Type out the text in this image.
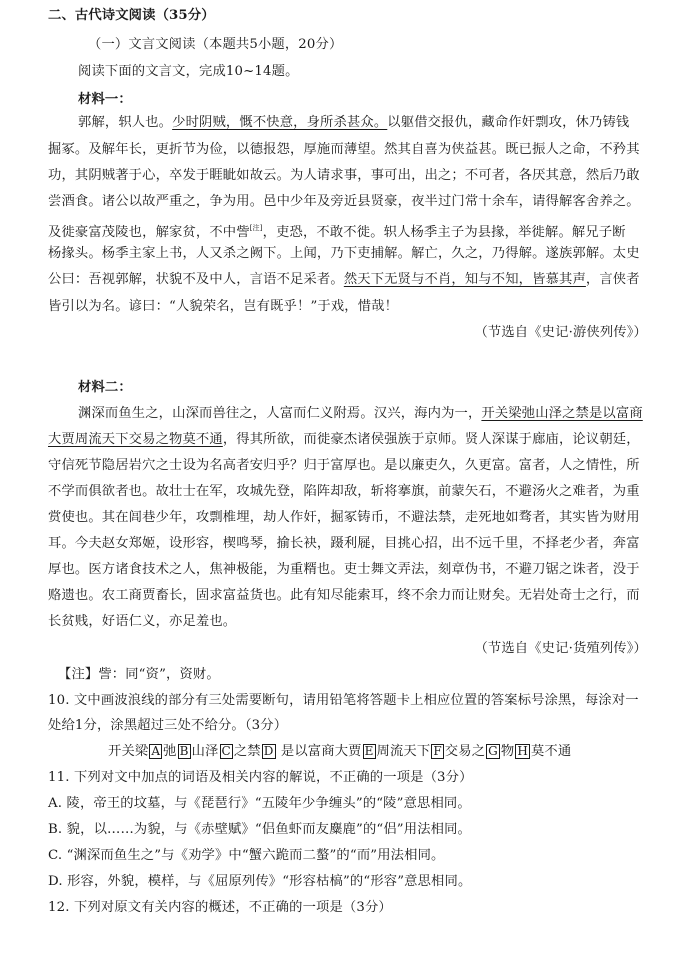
二、古代诗文阅读（35分）
（一）文言文阅读（本题共5小题，20分）
阅读下面的文言文，完成10~14题。
材料一：
郭解，轵人也。少时阴贼，慨不快意，身所杀甚众。以躯借交报仇，藏命作奸剽攻，休乃铸钱
掘冢。及解年长，更折节为俭，以德报怨，厚施而薄望。然其自喜为侠益甚。既已振人之命，不矜其
功，其阴贼著于心，卒发于睚眦如故云。为人请求事，事可出，出之；不可者，各厌其意，然后乃敢
尝酒食。诸公以故严重之，争为用。邑中少年及旁近县贤豪，夜半过门常十余车，请得解客舍养之。
及徙豪富茂陵也，解家贫，不中訾[注]，吏恐，不敢不徙。轵人杨季主子为县掾，举徙解。解兄子断
杨掾头。杨季主家上书，人又杀之阙下。上闻，乃下吏捕解。解亡，久之，乃得解。遂族郭解。太史
公曰：吾视郭解，状貌不及中人，言语不足采者。然天下无贤与不肖，知与不知，皆慕其声，言侠者
皆引以为名。谚曰：“人貌荣名，岂有既乎！”于戏，惜哉！
（节选自《史记·游侠列传》）
材料二：
渊深而鱼生之，山深而兽往之，人富而仁义附焉。汉兴，海内为一，开关梁弛山泽之禁是以富商
大贾周流天下交易之物莫不通，得其所欲，而徙豪杰诸侯强族于京师。贤人深谋于廊庙，论议朝廷，
守信死节隐居岩穴之士设为名高者安归乎？归于富厚也。是以廉吏久，久更富。富者，人之情性，所
不学而俱欲者也。故壮士在军，攻城先登，陷阵却敌，斩将搴旗，前蒙矢石，不避汤火之难者，为重
赏使也。其在闾巷少年，攻剽椎埋，劫人作奸，掘冢铸币，不避法禁，走死地如骛者，其实皆为财用
耳。今夫赵女郑姬，设形容，楔鸣琴，揄长袂，蹑利屣，目挑心招，出不远千里，不择老少者，奔富
厚也。医方诸食技术之人，焦神极能，为重糈也。吏士舞文弄法，刻章伪书，不避刀锯之诛者，没于
赂遗也。农工商贾畜长，固求富益货也。此有知尽能索耳，终不余力而让财矣。无岩处奇士之行，而
长贫贱，好语仁义，亦足羞也。
（节选自《史记·货殖列传》）
【注】訾：同“资”，资财。
10. 文中画波浪线的部分有三处需要断句，请用铅笔将答题卡上相应位置的答案标号涂黑，每涂对一
处给1分，涂黑超过三处不给分。（3分）
开关梁 A 弛 B 山泽 C 之禁 D 是以富商大贾 E 周流天下 F 交易之 G 物 H 莫不通
11. 下列对文中加点的词语及相关内容的解说，不正确的一项是（3分）
A. 陵，帝王的坟墓，与《琵琶行》“五陵年少争缠头”的“陵”意思相同。
B. 貌，以……为貌，与《赤壁赋》“侣鱼虾而友麋鹿”的“侣”用法相同。
C. “渊深而鱼生之”与《劝学》中“蟹六跪而二螯”的“而”用法相同。
D. 形容，外貌，模样，与《屈原列传》“形容枯槁”的“形容”意思相同。
12. 下列对原文有关内容的概述，不正确的一项是（3分）
